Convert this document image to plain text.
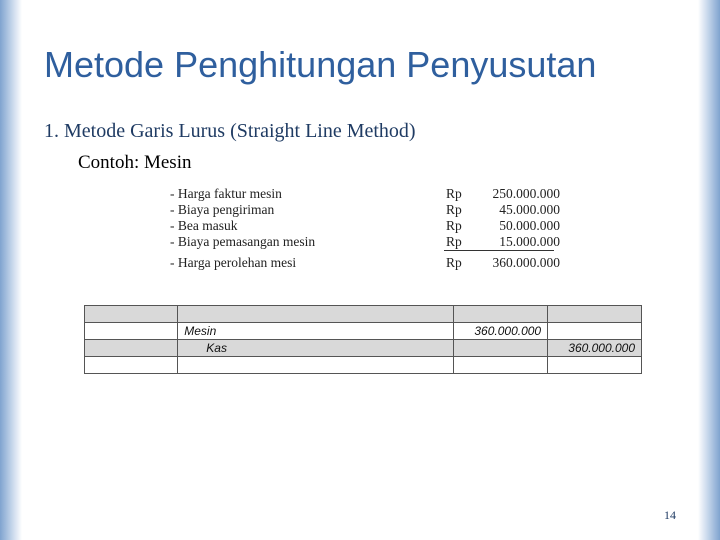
Metode Penghitungan Penyusutan
1. Metode Garis Lurus (Straight Line Method)
Contoh: Mesin
- Harga faktur mesin	Rp 250.000.000
- Biaya pengiriman	Rp	45.000.000
- Bea masuk	Rp	50.000.000
- Biaya pemasangan mesin	Rp	15.000.000
- Harga perolehan mesi	Rp 360.000.000

	Mesin	360.000.000	
	Kas		360.000.000

14
